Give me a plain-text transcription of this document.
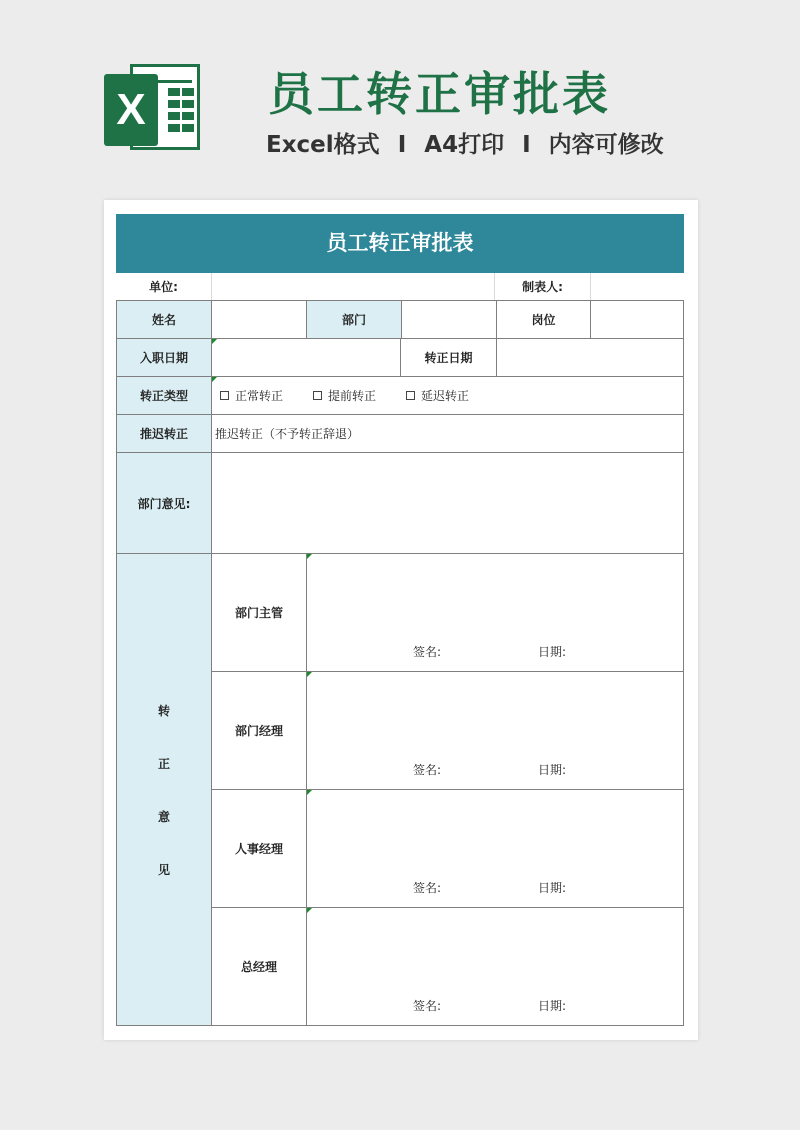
X	员工转正审批表
Excel格式 I A4打印 I 内容可修改
员工转正审批表
单位:	制表人:
姓名	部门	岗位
入职日期	转正日期
转正类型	正常转正	提前转正	延迟转正
推迟转正	推迟转正（不予转正辞退）
部门意见:
转
正
意
见
部门主管
签名:	日期:
部门经理
签名:	日期:
人事经理
签名:	日期:
总经理
签名:	日期:
